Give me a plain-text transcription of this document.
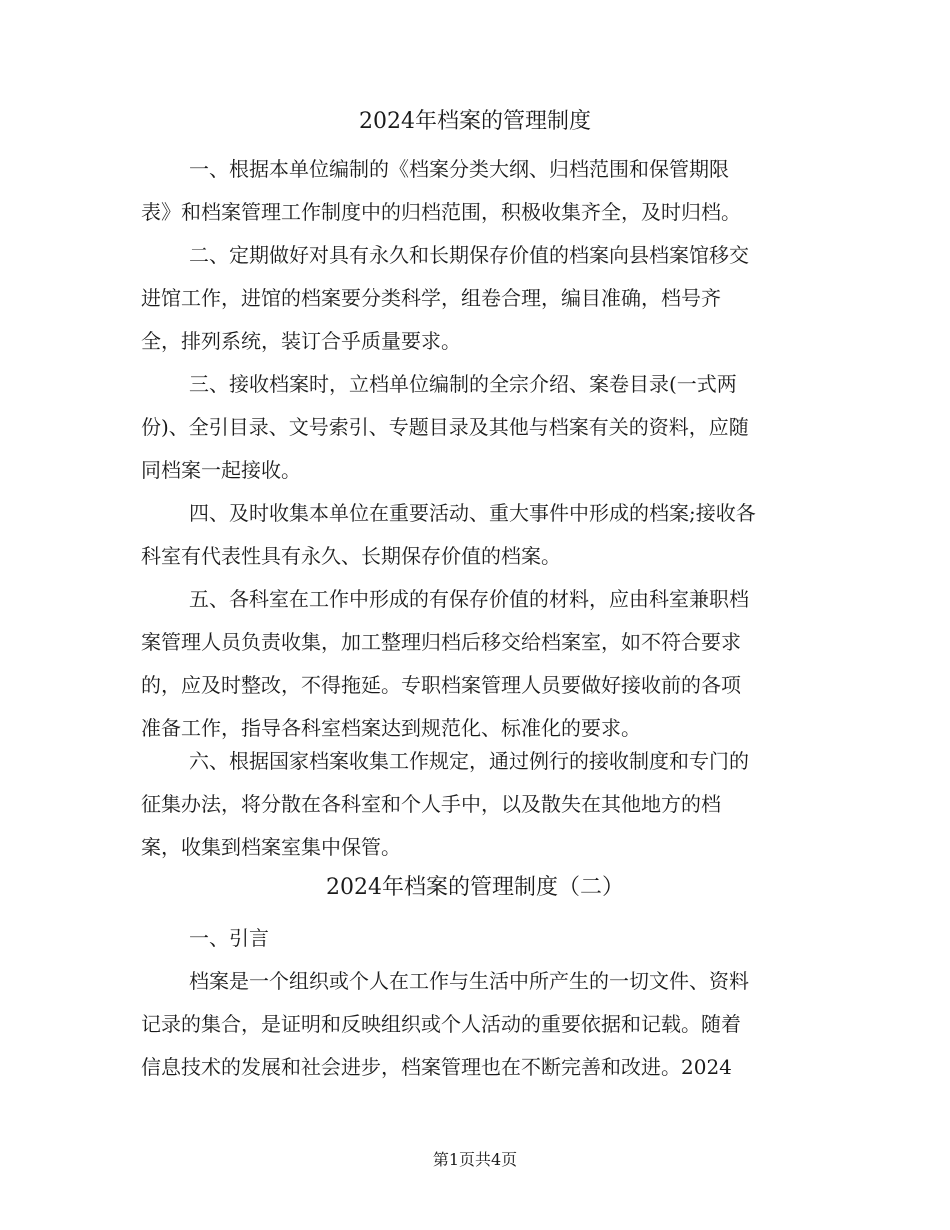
2024年档案的管理制度
一、根据本单位编制的《档案分类大纲、归档范围和保管期限
表》和档案管理工作制度中的归档范围，积极收集齐全，及时归档。
二、定期做好对具有永久和长期保存价值的档案向县档案馆移交
进馆工作，进馆的档案要分类科学，组卷合理，编目准确，档号齐
全，排列系统，装订合乎质量要求。
三、接收档案时，立档单位编制的全宗介绍、案卷目录(一式两
份)、全引目录、文号索引、专题目录及其他与档案有关的资料，应随
同档案一起接收。
四、及时收集本单位在重要活动、重大事件中形成的档案;接收各
科室有代表性具有永久、长期保存价值的档案。
五、各科室在工作中形成的有保存价值的材料，应由科室兼职档
案管理人员负责收集，加工整理归档后移交给档案室，如不符合要求
的，应及时整改，不得拖延。专职档案管理人员要做好接收前的各项
准备工作，指导各科室档案达到规范化、标准化的要求。
六、根据国家档案收集工作规定，通过例行的接收制度和专门的
征集办法，将分散在各科室和个人手中，以及散失在其他地方的档
案，收集到档案室集中保管。
2024年档案的管理制度（二）
一、引言
档案是一个组织或个人在工作与生活中所产生的一切文件、资料
记录的集合，是证明和反映组织或个人活动的重要依据和记载。随着
信息技术的发展和社会进步，档案管理也在不断完善和改进。2024
第1页共4页
